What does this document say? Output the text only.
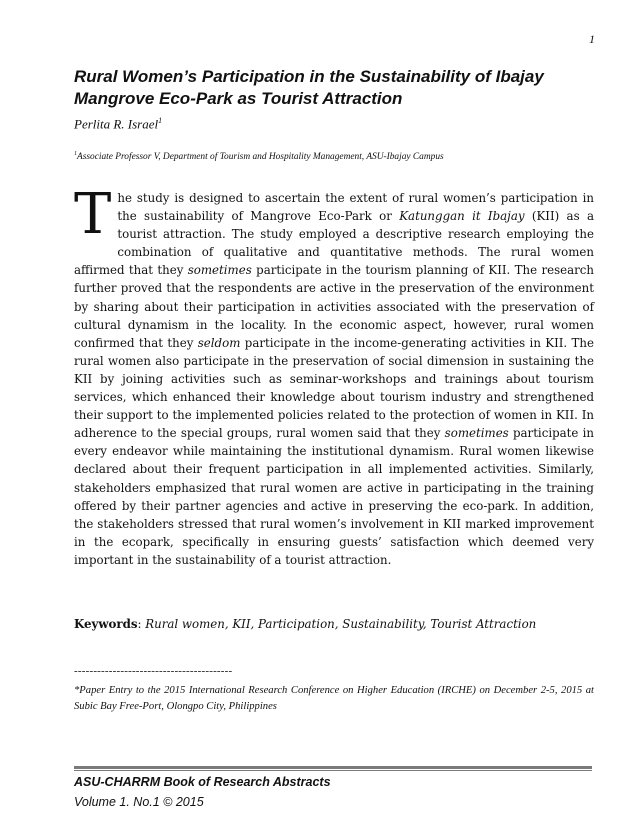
1
Rural Women’s Participation in the Sustainability of Ibajay Mangrove Eco-Park as Tourist Attraction
Perlita R. Israel$^1$
$^1$Associate Professor V, Department of Tourism and Hospitality Management, ASU-Ibajay Campus

The study is designed to ascertain the extent of rural women’s participation in the sustainability of Mangrove Eco-Park or Katunggan it Ibajay (KII) as a tourist attraction. The study employed a descriptive research employing the combination of qualitative and quantitative methods. The rural women affirmed that they sometimes participate in the tourism planning of KII. The research further proved that the respondents are active in the preservation of the environment by sharing about their participation in activities associated with the preservation of cultural dynamism in the locality. In the economic aspect, however, rural women confirmed that they seldom participate in the income-generating activities in KII. The rural women also participate in the preservation of social dimension in sustaining the KII by joining activities such as seminar-workshops and trainings about tourism services, which enhanced their knowledge about tourism industry and strengthened their support to the implemented policies related to the protection of women in KII. In adherence to the special groups, rural women said that they sometimes participate in every endeavor while maintaining the institutional dynamism. Rural women likewise declared about their frequent participation in all implemented activities. Similarly, stakeholders emphasized that rural women are active in participating in the training offered by their partner agencies and active in preserving the eco-park. In addition, the stakeholders stressed that rural women’s involvement in KII marked improvement in the ecopark, specifically in ensuring guests’ satisfaction which deemed very important in the sustainability of a tourist attraction.

Keywords: Rural women, KII, Participation, Sustainability, Tourist Attraction

-----------------------------------------

*Paper Entry to the 2015 International Research Conference on Higher Education (IRCHE) on December 2-5, 2015 at Subic Bay Free-Port, Olongpo City, Philippines

ASU-CHARRM Book of Research Abstracts
Volume 1. No.1 © 2015
